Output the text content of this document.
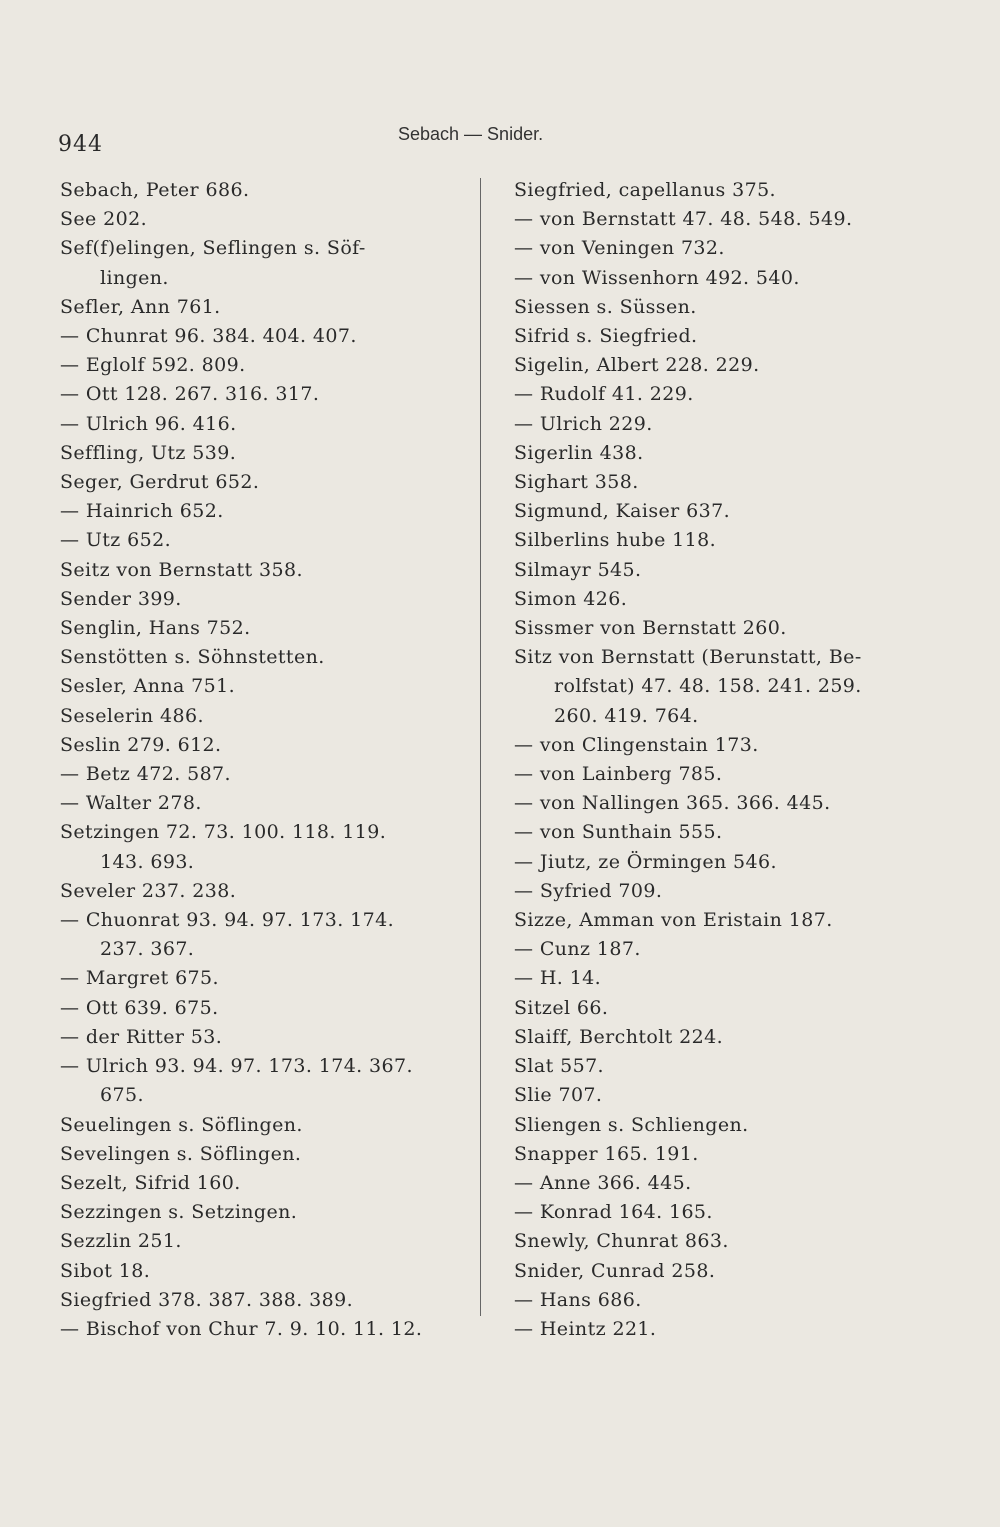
944	Sebach — Snider.
Sebach, Peter 686.
See 202.
Sef(f)elingen, Seflingen s. Söf-
lingen.
Sefler, Ann 761.
— Chunrat 96. 384. 404. 407.
— Eglolf 592. 809.
— Ott 128. 267. 316. 317.
— Ulrich 96. 416.
Seffling, Utz 539.
Seger, Gerdrut 652.
— Hainrich 652.
— Utz 652.
Seitz von Bernstatt 358.
Sender 399.
Senglin, Hans 752.
Senstötten s. Söhnstetten.
Sesler, Anna 751.
Seselerin 486.
Seslin 279. 612.
— Betz 472. 587.
— Walter 278.
Setzingen 72. 73. 100. 118. 119.
143. 693.
Seveler 237. 238.
— Chuonrat 93. 94. 97. 173. 174.
237. 367.
— Margret 675.
— Ott 639. 675.
— der Ritter 53.
— Ulrich 93. 94. 97. 173. 174. 367.
675.
Seuelingen s. Söflingen.
Sevelingen s. Söflingen.
Sezelt, Sifrid 160.
Sezzingen s. Setzingen.
Sezzlin 251.
Sibot 18.
Siegfried 378. 387. 388. 389.
— Bischof von Chur 7. 9. 10. 11. 12.
Siegfried, capellanus 375.
— von Bernstatt 47. 48. 548. 549.
— von Veningen 732.
— von Wissenhorn 492. 540.
Siessen s. Süssen.
Sifrid s. Siegfried.
Sigelin, Albert 228. 229.
— Rudolf 41. 229.
— Ulrich 229.
Sigerlin 438.
Sighart 358.
Sigmund, Kaiser 637.
Silberlins hube 118.
Silmayr 545.
Simon 426.
Sissmer von Bernstatt 260.
Sitz von Bernstatt (Berunstatt, Be-
rolfstat) 47. 48. 158. 241. 259.
260. 419. 764.
— von Clingenstain 173.
— von Lainberg 785.
— von Nallingen 365. 366. 445.
— von Sunthain 555.
— Jiutz, ze Örmingen 546.
— Syfried 709.
Sizze, Amman von Eristain 187.
— Cunz 187.
— H. 14.
Sitzel 66.
Slaiff, Berchtolt 224.
Slat 557.
Slie 707.
Sliengen s. Schliengen.
Snapper 165. 191.
— Anne 366. 445.
— Konrad 164. 165.
Snewly, Chunrat 863.
Snider, Cunrad 258.
— Hans 686.
— Heintz 221.
